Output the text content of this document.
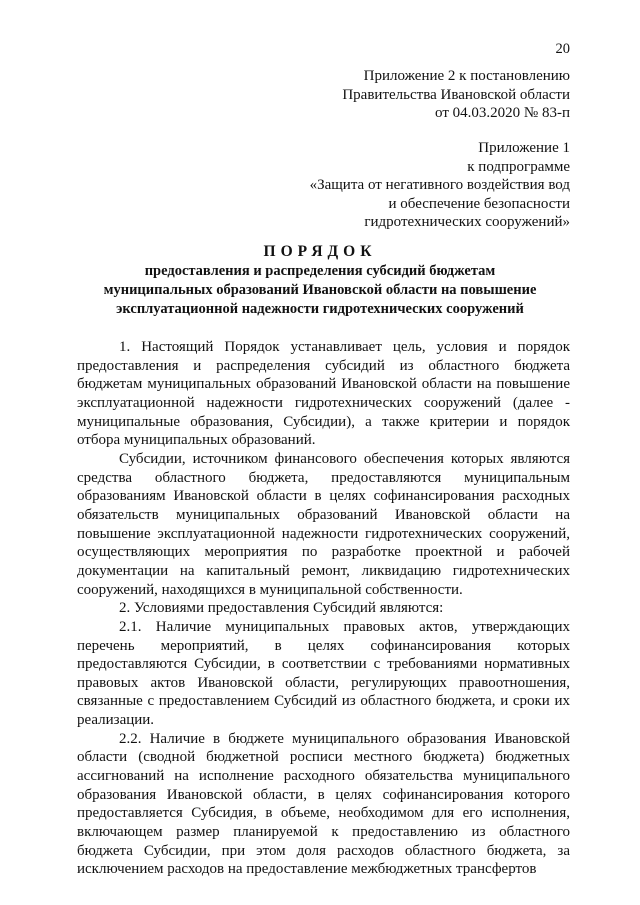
20
Приложение 2 к постановлению
Правительства Ивановской области
от 04.03.2020 № 83-п
Приложение 1
к подпрограмме
«Защита от негативного воздействия вод
и обеспечение безопасности
гидротехнических сооружений»
ПОРЯДОК
предоставления и распределения субсидий бюджетам
муниципальных образований Ивановской области на повышение
эксплуатационной надежности гидротехнических сооружений

1. Настоящий Порядок устанавливает цель, условия и порядок предоставления и распределения субсидий из областного бюджета бюджетам муниципальных образований Ивановской области на повышение эксплуатационной надежности гидротехнических сооружений (далее - муниципальные образования, Субсидии), а также критерии и порядок отбора муниципальных образований.

Субсидии, источником финансового обеспечения которых являются средства областного бюджета, предоставляются муниципальным образованиям Ивановской области в целях софинансирования расходных обязательств муниципальных образований Ивановской области на повышение эксплуатационной надежности гидротехнических сооружений, осуществляющих мероприятия по разработке проектной и рабочей документации на капитальный ремонт, ликвидацию гидротехнических сооружений, находящихся в муниципальной собственности.

2. Условиями предоставления Субсидий являются:

2.1. Наличие муниципальных правовых актов, утверждающих перечень мероприятий, в целях софинансирования которых предоставляются Субсидии, в соответствии с требованиями нормативных правовых актов Ивановской области, регулирующих правоотношения, связанные с предоставлением Субсидий из областного бюджета, и сроки их реализации.

2.2. Наличие в бюджете муниципального образования Ивановской области (сводной бюджетной росписи местного бюджета) бюджетных ассигнований на исполнение расходного обязательства муниципального образования Ивановской области, в целях софинансирования которого предоставляется Субсидия, в объеме, необходимом для его исполнения, включающем размер планируемой к предоставлению из областного бюджета Субсидии, при этом доля расходов областного бюджета, за исключением расходов на предоставление межбюджетных трансфертов
